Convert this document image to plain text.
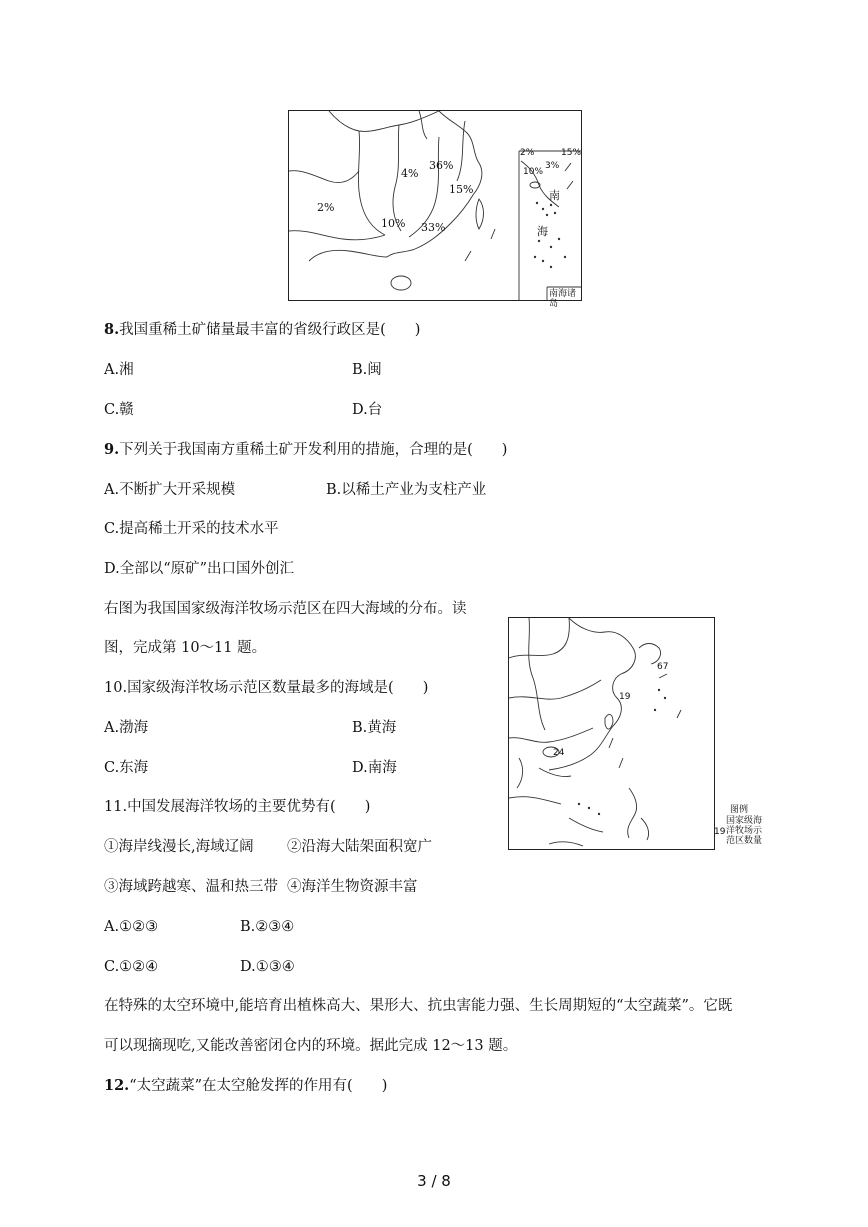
2%
4%
36%
15%
10% 33%
2%	15%
10%
3%
南
海
南海诸岛
8.我国重稀土矿储量最丰富的省级行政区是(　　)
A.湘	B.闽
C.赣	D.台
9.下列关于我国南方重稀土矿开发利用的措施，合理的是(　　)
A.不断扩大开采规模	B.以稀土产业为支柱产业
C.提高稀土开采的技术水平
D.全部以“原矿”出口国外创汇
右图为我国国家级海洋牧场示范区在四大海域的分布。读
图，完成第 10～11 题。
67
19
24
图例
国家级海
洋牧场示
范区数量
19
10.国家级海洋牧场示范区数量最多的海域是(　　)
A.渤海	B.黄海
C.东海	D.南海
11.中国发展海洋牧场的主要优势有(　　)
①海岸线漫长,海域辽阔 ②沿海大陆架面积宽广
③海域跨越寒、温和热三带 ④海洋生物资源丰富
A.①②③	B.②③④
C.①②④	D.①③④
在特殊的太空环境中,能培育出植株高大、果形大、抗虫害能力强、生长周期短的“太空蔬菜”。它既
可以现摘现吃,又能改善密闭仓内的环境。据此完成 12～13 题。
12.“太空蔬菜”在太空舱发挥的作用有(　　)
3 / 8
